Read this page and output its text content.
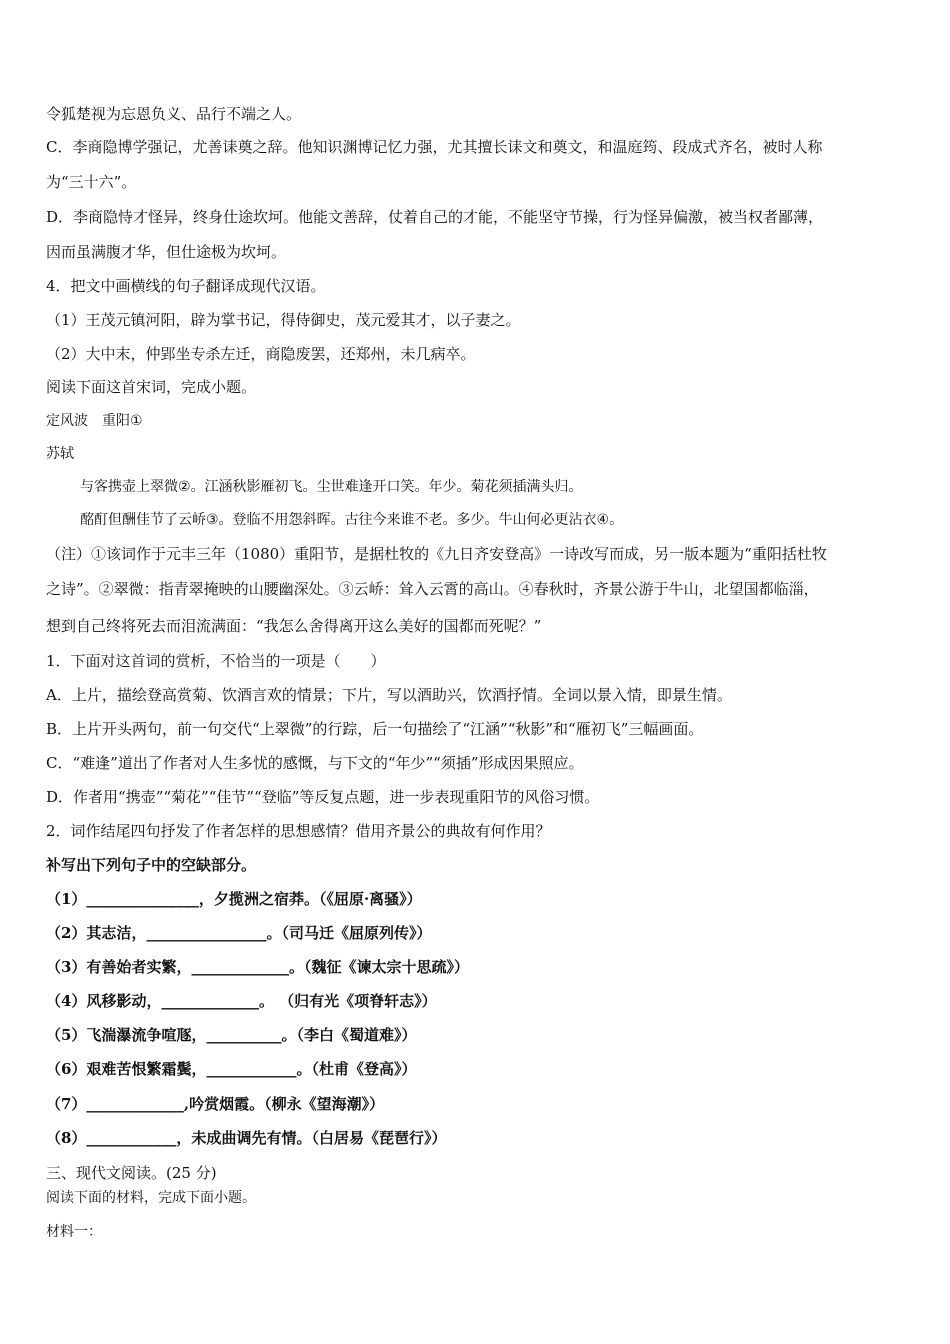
令狐楚视为忘恩负义、品行不端之人。
C．李商隐博学强记，尤善诔奠之辞。他知识渊博记忆力强，尤其擅长诔文和奠文，和温庭筠、段成式齐名，被时人称
为“三十六”。
D．李商隐恃才怪异，终身仕途坎坷。他能文善辞，仗着自己的才能，不能坚守节操，行为怪异偏激，被当权者鄙薄，
因而虽满腹才华，但仕途极为坎坷。
4．把文中画横线的句子翻译成现代汉语。
（1）王茂元镇河阳，辟为掌书记，得侍御史，茂元爱其才，以子妻之。
（2）大中末，仲郢坐专杀左迁，商隐废罢，还郑州，未几病卒。
阅读下面这首宋词，完成小题。
定风波　重阳①
苏轼
与客携壶上翠微②。江涵秋影雁初飞。尘世难逢开口笑。年少。菊花须插满头归。
酩酊但酬佳节了云峤③。登临不用怨斜晖。古往今来谁不老。多少。牛山何必更沾衣④。
（注）①该词作于元丰三年（1080）重阳节，是据杜牧的《九日齐安登高》一诗改写而成，另一版本题为“重阳括杜牧
之诗”。②翠微：指青翠掩映的山腰幽深处。③云峤：耸入云霄的高山。④春秋时，齐景公游于牛山，北望国都临淄，
想到自己终将死去而泪流满面：“我怎么舍得离开这么美好的国都而死呢？”
1．下面对这首词的赏析，不恰当的一项是（　　）
A．上片，描绘登高赏菊、饮酒言欢的情景；下片，写以酒助兴，饮酒抒情。全词以景入情，即景生情。
B．上片开头两句，前一句交代“上翠微”的行踪，后一句描绘了“江涵”“秋影”和“雁初飞”三幅画面。
C．“难逢”道出了作者对人生多忧的感慨，与下文的“年少”“须插”形成因果照应。
D．作者用“携壶”“菊花”“佳节”“登临”等反复点题，进一步表现重阳节的风俗习惯。
2．词作结尾四句抒发了作者怎样的思想感情？借用齐景公的典故有何作用？
补写出下列句子中的空缺部分。
（1）_______________，夕揽洲之宿莽。（《屈原·离骚》）
（2）其志洁，________________。（司马迁《屈原列传》）
（3）有善始者实繁，_____________。（魏征《谏太宗十思疏》）
（4）风移影动，_____________。 （归有光《项脊轩志》）
（5）飞湍瀑流争喧豗，__________。（李白《蜀道难》）
（6）艰难苦恨繁霜鬓，____________。（杜甫《登高》）
（7）_____________,吟赏烟霞。（柳永《望海潮》）
（8）____________，未成曲调先有情。（白居易《琵琶行》）
三、现代文阅读。(25 分)
阅读下面的材料，完成下面小题。
材料一：
